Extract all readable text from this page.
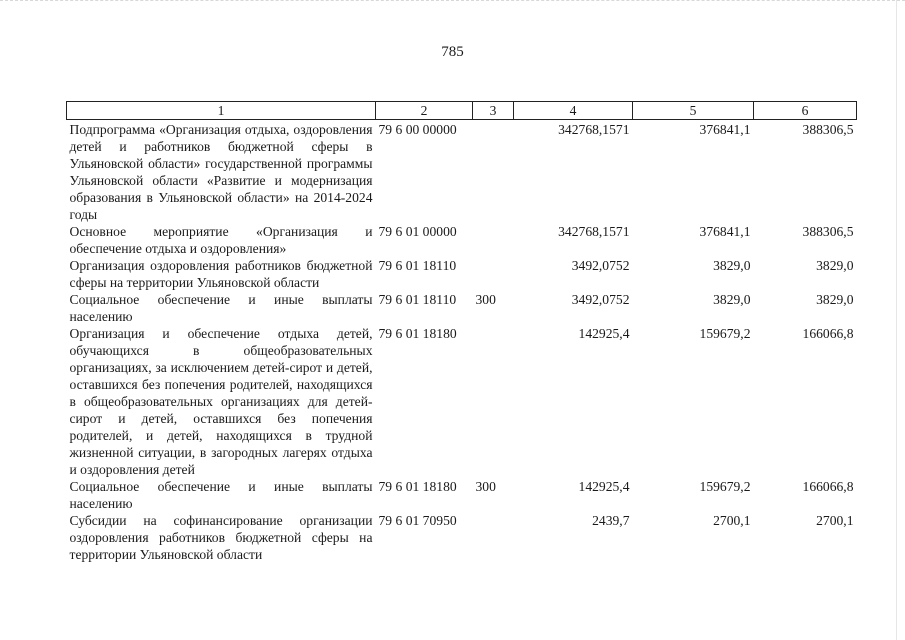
785
1	2	3	4	5	6
Подпрограмма «Организация отдыха, оздоровления детей и работников бюджетной сферы в Ульяновской области» государственной программы Ульяновской области «Развитие и модернизация образования в Ульяновской области» на 2014-2024 годы	79 6 00 00000		342768,1571	376841,1	388306,5
Основное мероприятие «Организация и обеспечение отдыха и оздоровления»	79 6 01 00000		342768,1571	376841,1	388306,5
Организация оздоровления работников бюджетной сферы на территории Ульяновской области	79 6 01 18110		3492,0752	3829,0	3829,0
Социальное обеспечение и иные выплаты населению	79 6 01 18110	300	3492,0752	3829,0	3829,0
Организация и обеспечение отдыха детей, обучающихся в общеобразовательных организациях, за исключением детей-сирот и детей, оставшихся без попечения родителей, находящихся в общеобразовательных организациях для детей-сирот и детей, оставшихся без попечения родителей, и детей, находящихся в трудной жизненной ситуации, в загородных лагерях отдыха и оздоровления детей	79 6 01 18180		142925,4	159679,2	166066,8
Социальное обеспечение и иные выплаты населению	79 6 01 18180	300	142925,4	159679,2	166066,8
Субсидии на софинансирование организации оздоровления работников бюджетной сферы на территории Ульяновской области	79 6 01 70950		2439,7	2700,1	2700,1
